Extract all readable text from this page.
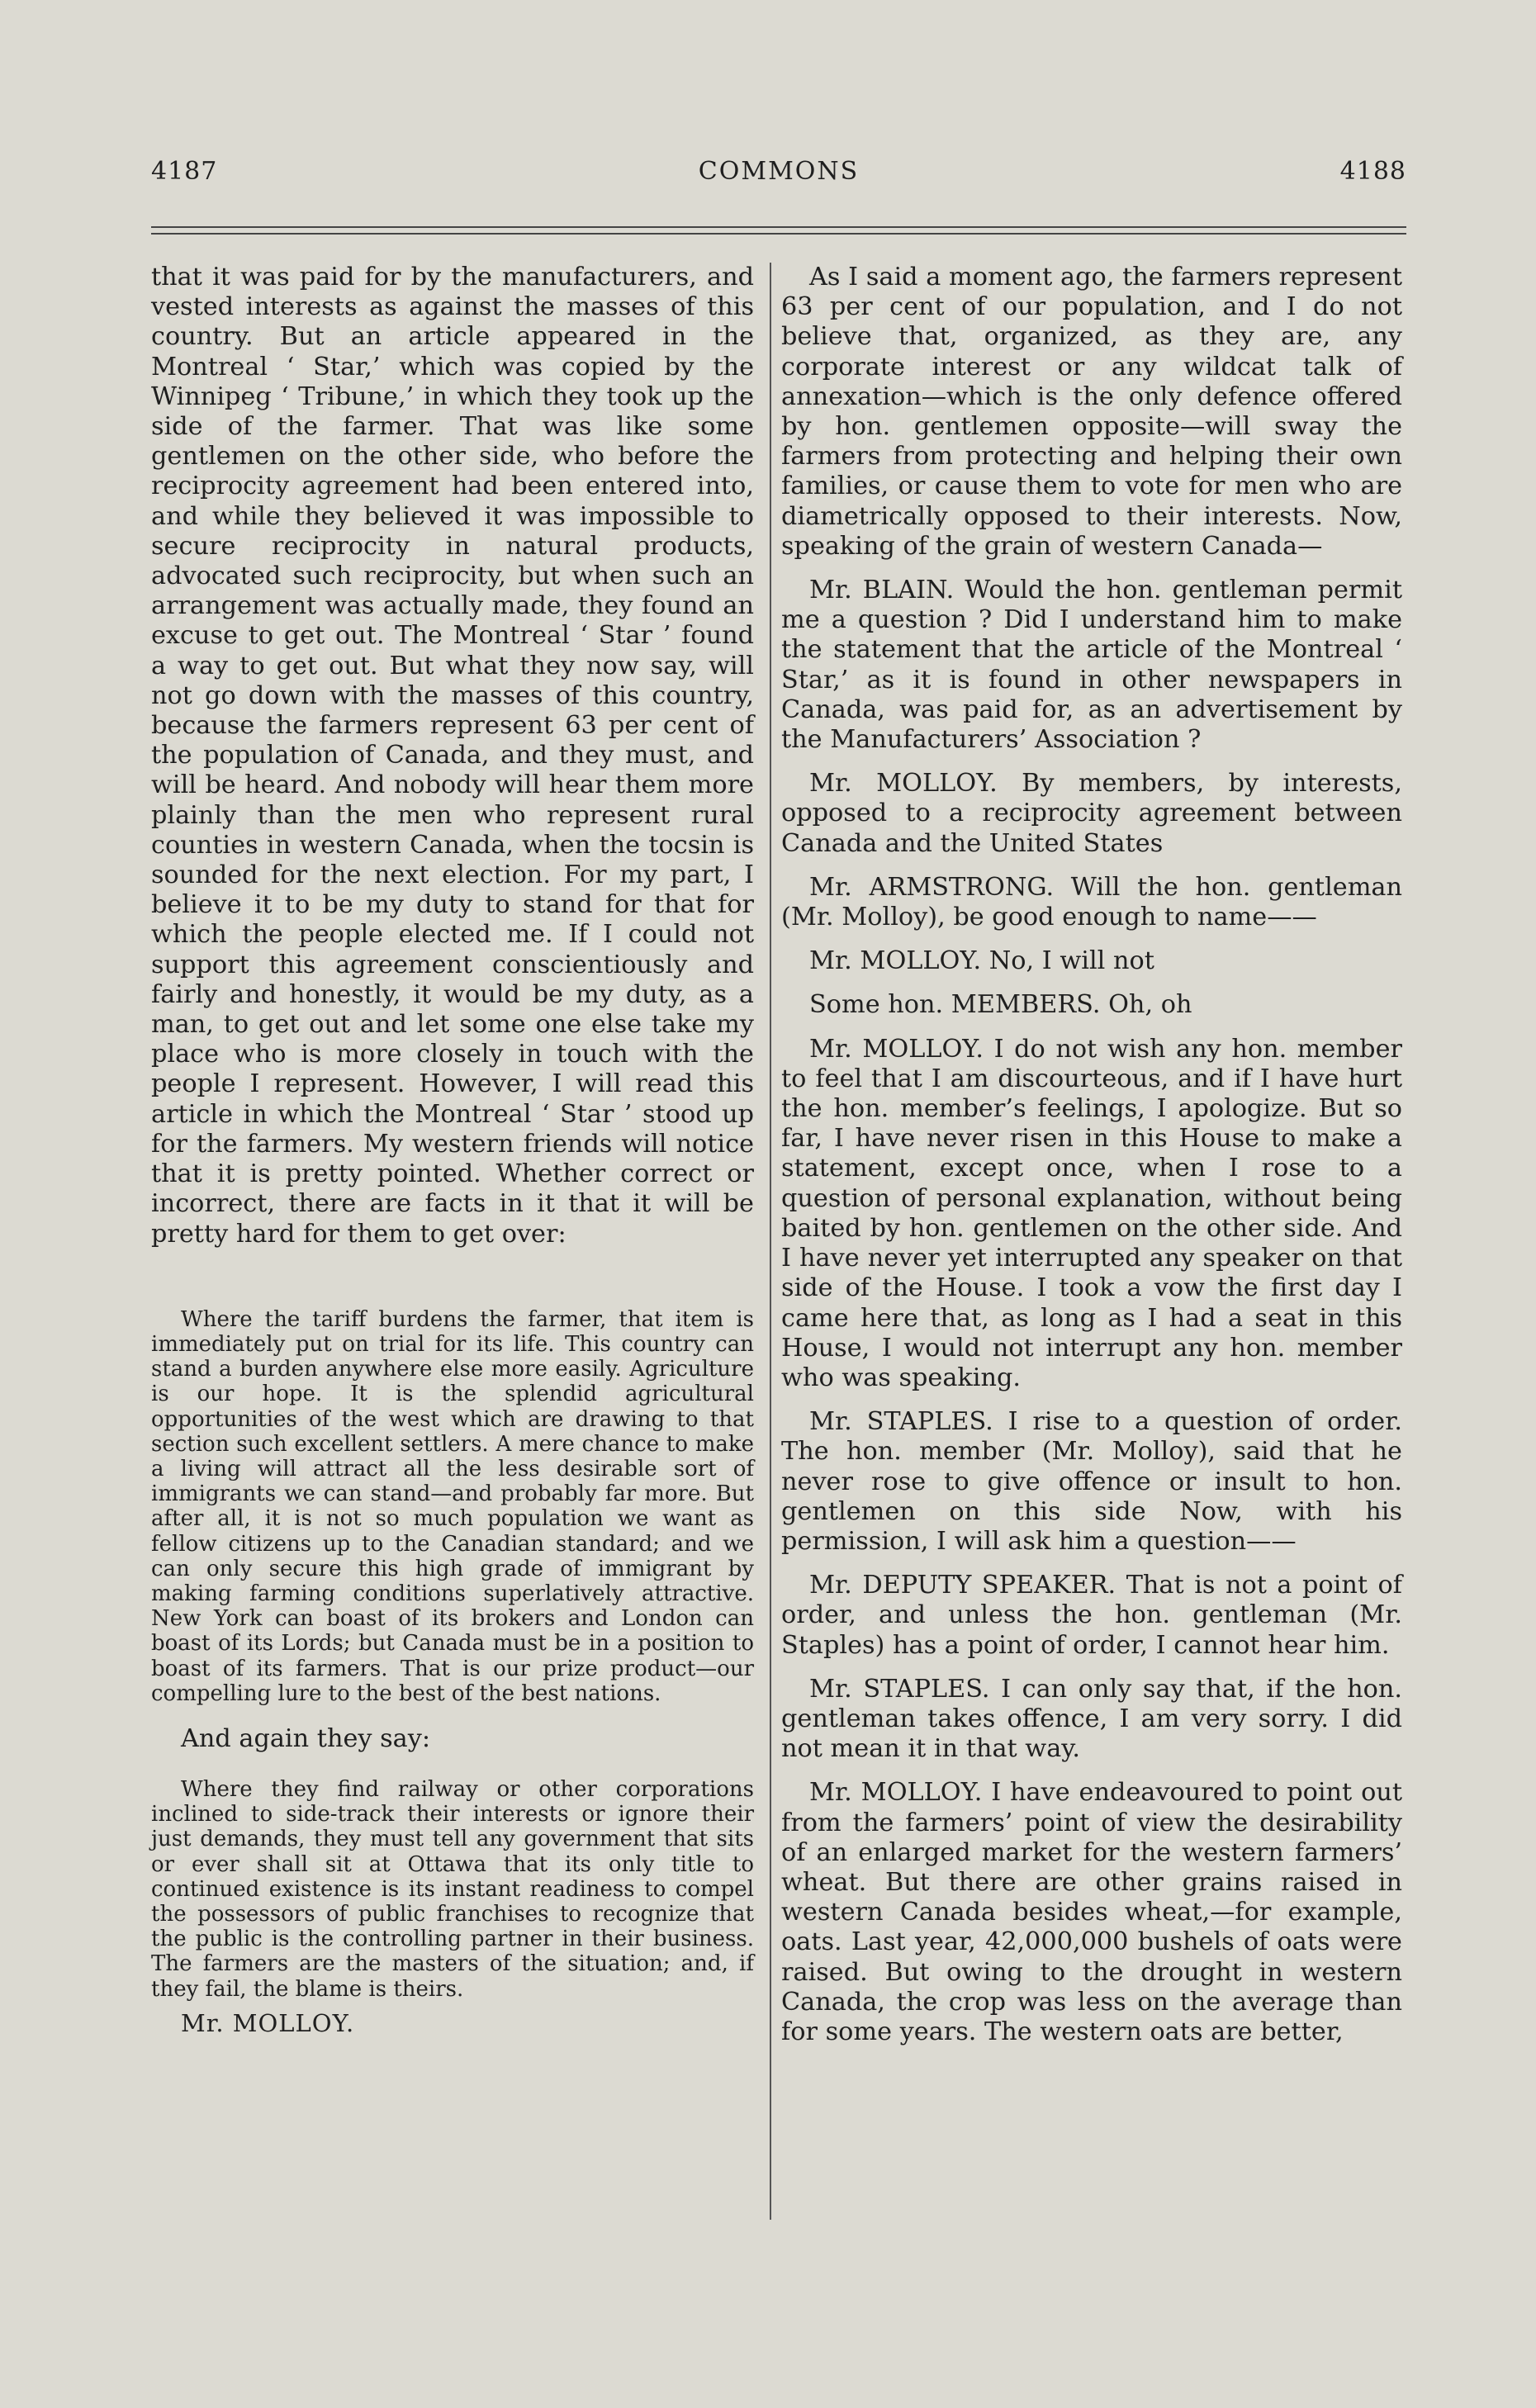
4187	COMMONS	4188

that it was paid for by the manufacturers, and vested interests as against the masses of this country. But an article appeared in the Montreal ‘ Star,’ which was copied by the Winnipeg ‘ Tribune,’ in which they took up the side of the farmer. That was like some gentlemen on the other side, who before the reciprocity agreement had been entered into, and while they believed it was impossible to secure reciprocity in natural products, advocated such reciprocity, but when such an arrangement was actually made, they found an excuse to get out. The Montreal ‘ Star ’ found a way to get out. But what they now say, will not go down with the masses of this country, because the farmers represent 63 per cent of the population of Canada, and they must, and will be heard. And nobody will hear them more plainly than the men who represent rural counties in western Canada, when the tocsin is sounded for the next election. For my part, I believe it to be my duty to stand for that for which the people elected me. If I could not support this agreement conscientiously and fairly and honestly, it would be my duty, as a man, to get out and let some one else take my place who is more closely in touch with the people I represent. However, I will read this article in which the Montreal ‘ Star ’ stood up for the farmers. My western friends will notice that it is pretty pointed. Whether correct or incorrect, there are facts in it that it will be pretty hard for them to get over:

Where the tariff burdens the farmer, that item is immediately put on trial for its life. This country can stand a burden anywhere else more easily. Agriculture is our hope. It is the splendid agricultural opportunities of the west which are drawing to that section such excellent settlers. A mere chance to make a living will attract all the less desirable sort of immigrants we can stand—and probably far more. But after all, it is not so much population we want as fellow citizens up to the Canadian standard; and we can only secure this high grade of immigrant by making farming conditions superlatively attractive. New York can boast of its brokers and London can boast of its Lords; but Canada must be in a position to boast of its farmers. That is our prize product—our compelling lure to the best of the best nations.

And again they say:

Where they find railway or other corporations inclined to side-track their interests or ignore their just demands, they must tell any government that sits or ever shall sit at Ottawa that its only title to continued existence is its instant readiness to compel the possessors of public franchises to recognize that the public is the controlling partner in their business. The farmers are the masters of the situation; and, if they fail, the blame is theirs.

Mr. MOLLOY.

As I said a moment ago, the farmers represent 63 per cent of our population, and I do not believe that, organized, as they are, any corporate interest or any wildcat talk of annexation—which is the only defence offered by hon. gentlemen opposite—will sway the farmers from protecting and helping their own families, or cause them to vote for men who are diametrically opposed to their interests. Now, speaking of the grain of western Canada—

Mr. BLAIN. Would the hon. gentleman permit me a question ? Did I understand him to make the statement that the article of the Montreal ‘ Star,’ as it is found in other newspapers in Canada, was paid for, as an advertisement by the Manufacturers’ Association ?

Mr. MOLLOY. By members, by interests, opposed to a reciprocity agreement between Canada and the United States

Mr. ARMSTRONG. Will the hon. gentleman (Mr. Molloy), be good enough to name——

Mr. MOLLOY. No, I will not

Some hon. MEMBERS. Oh, oh

Mr. MOLLOY. I do not wish any hon. member to feel that I am discourteous, and if I have hurt the hon. member’s feelings, I apologize. But so far, I have never risen in this House to make a statement, except once, when I rose to a question of personal explanation, without being baited by hon. gentlemen on the other side. And I have never yet interrupted any speaker on that side of the House. I took a vow the first day I came here that, as long as I had a seat in this House, I would not interrupt any hon. member who was speaking.

Mr. STAPLES. I rise to a question of order. The hon. member (Mr. Molloy), said that he never rose to give offence or insult to hon. gentlemen on this side Now, with his permission, I will ask him a question——

Mr. DEPUTY SPEAKER. That is not a point of order, and unless the hon. gentleman (Mr. Staples) has a point of order, I cannot hear him.

Mr. STAPLES. I can only say that, if the hon. gentleman takes offence, I am very sorry. I did not mean it in that way.

Mr. MOLLOY. I have endeavoured to point out from the farmers’ point of view the desirability of an enlarged market for the western farmers’ wheat. But there are other grains raised in western Canada besides wheat,—for example, oats. Last year, 42,000,000 bushels of oats were raised. But owing to the drought in western Canada, the crop was less on the average than for some years. The western oats are better,
